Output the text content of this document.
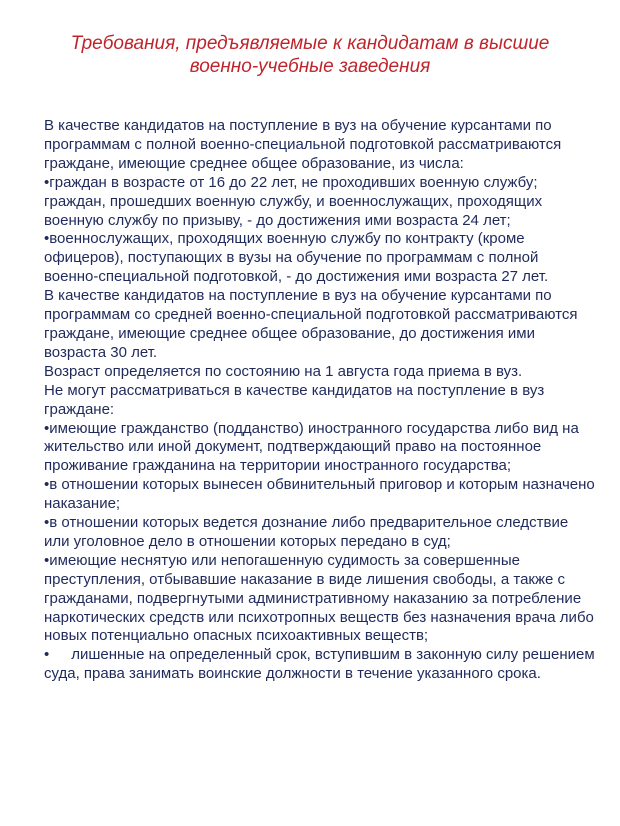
Требования, предъявляемые к кандидатам в высшие
военно-учебные заведения

В качестве кандидатов на поступление в вуз на обучение курсантами по программам с полной военно-специальной подготовкой рассматриваются граждане, имеющие среднее общее образование, из числа:

•граждан в возрасте от 16 до 22 лет, не проходивших военную службу; граждан, прошедших военную службу, и военнослужащих, проходящих военную службу по призыву, - до достижения ими возраста 24 лет;

•военнослужащих, проходящих военную службу по контракту (кроме офицеров), поступающих в вузы на обучение по программам с полной военно-специальной подготовкой, - до достижения ими возраста 27 лет.

В качестве кандидатов на поступление в вуз на обучение курсантами по программам со средней военно-специальной подготовкой рассматриваются граждане, имеющие среднее общее образование, до достижения ими возраста 30 лет.

Возраст определяется по состоянию на 1 августа года приема в вуз.

Не могут рассматриваться в качестве кандидатов на поступление в вуз граждане:

•имеющие гражданство (подданство) иностранного государства либо вид на жительство или иной документ, подтверждающий право на постоянное проживание гражданина на территории иностранного государства;

•в отношении которых вынесен обвинительный приговор и которым назначено наказание;

•в отношении которых ведется дознание либо предварительное следствие или уголовное дело в отношении которых передано в суд;

•имеющие неснятую или непогашенную судимость за совершенные преступления, отбывавшие наказание в виде лишения свободы, а также с гражданами, подвергнутыми административному наказанию за потребление наркотических средств или психотропных веществ без назначения врача либо новых потенциально опасных психоактивных веществ;

• лишенные на определенный срок, вступившим в законную силу решением суда, права занимать воинские должности в течение указанного срока.
